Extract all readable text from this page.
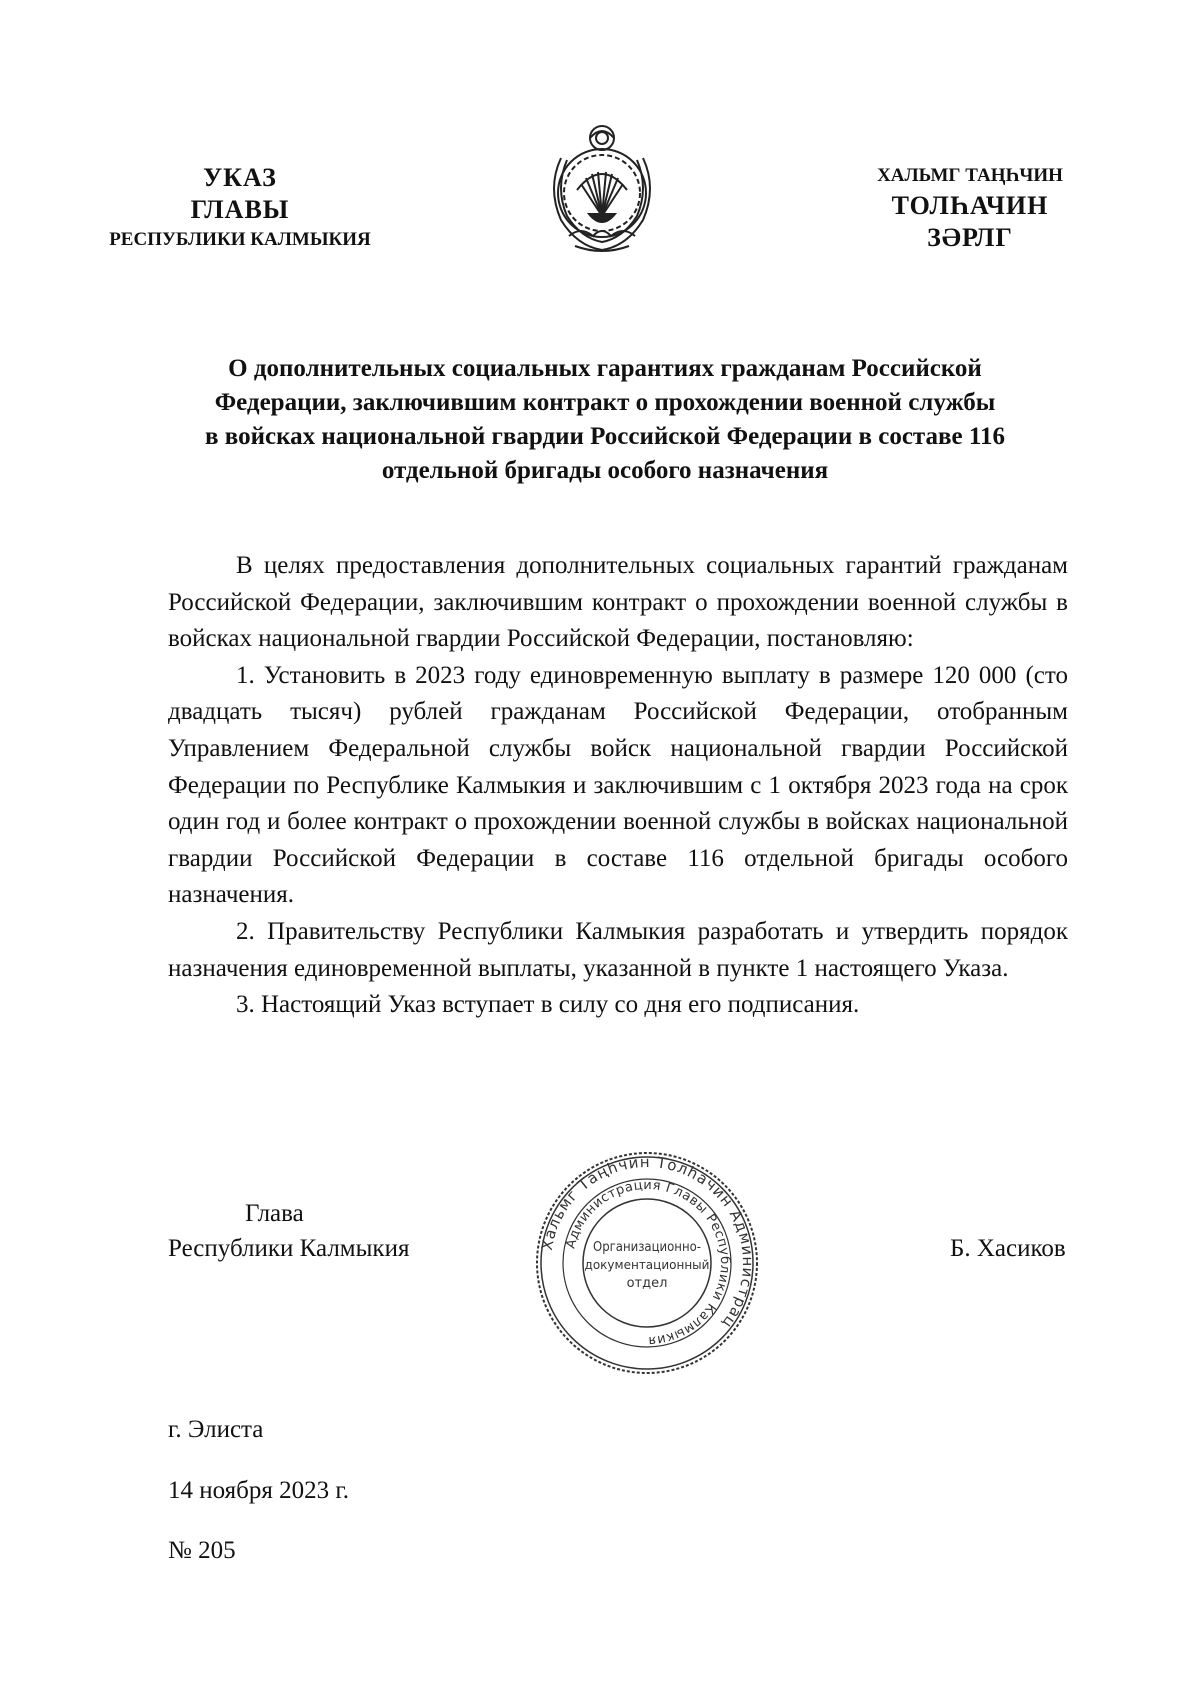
УКАЗ
ГЛАВЫ
РЕСПУБЛИКИ КАЛМЫКИЯ
ХАЛЬМГ ТАҢҺЧИН
ТОЛҺАЧИН
ЗӘРЛГ
О дополнительных социальных гарантиях гражданам Российской
Федерации, заключившим контракт о прохождении военной службы
в войсках национальной гвардии Российской Федерации в составе 116
отдельной бригады особого назначения

В целях предоставления дополнительных социальных гарантий гражданам Российской Федерации, заключившим контракт о прохождении военной службы в войсках национальной гвардии Российской Федерации, постановляю:

1. Установить в 2023 году единовременную выплату в размере 120 000 (сто двадцать тысяч) рублей гражданам Российской Федерации, отобранным Управлением Федеральной службы войск национальной гвардии Российской Федерации по Республике Калмыкия и заключившим с 1 октября 2023 года на срок один год и более контракт о прохождении военной службы в войсках национальной гвардии Российской Федерации в составе 116 отдельной бригады особого назначения.

2. Правительству Республики Калмыкия разработать и утвердить порядок назначения единовременной выплаты, указанной в пункте 1 настоящего Указа.

3. Настоящий Указ вступает в силу со дня его подписания.

Глава
Республики Калмыкия	Б. Хасиков
Хальмг Таңһчин Толһачин Администрац
Администрация Главы Республики Калмыкия
Организационно-
документационный
отдел
г. Элиста
14 ноября 2023 г.
№ 205
